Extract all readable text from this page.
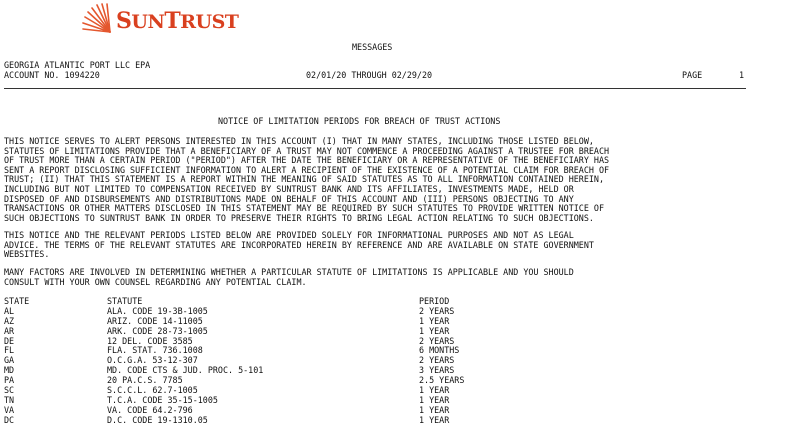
SUNTRUST
MESSAGES
GEORGIA ATLANTIC PORT LLC EPA
ACCOUNT NO. 1094220	02/01/20 THROUGH 02/29/20	PAGE	1
NOTICE OF LIMITATION PERIODS FOR BREACH OF TRUST ACTIONS
THIS NOTICE SERVES TO ALERT PERSONS INTERESTED IN THIS ACCOUNT (I) THAT IN MANY STATES, INCLUDING THOSE LISTED BELOW,
STATUTES OF LIMITATIONS PROVIDE THAT A BENEFICIARY OF A TRUST MAY NOT COMMENCE A PROCEEDING AGAINST A TRUSTEE FOR BREACH
OF TRUST MORE THAN A CERTAIN PERIOD ("PERIOD") AFTER THE DATE THE BENEFICIARY OR A REPRESENTATIVE OF THE BENEFICIARY HAS
SENT A REPORT DISCLOSING SUFFICIENT INFORMATION TO ALERT A RECIPIENT OF THE EXISTENCE OF A POTENTIAL CLAIM FOR BREACH OF
TRUST; (II) THAT THIS STATEMENT IS A REPORT WITHIN THE MEANING OF SAID STATUTES AS TO ALL INFORMATION CONTAINED HEREIN,
INCLUDING BUT NOT LIMITED TO COMPENSATION RECEIVED BY SUNTRUST BANK AND ITS AFFILIATES, INVESTMENTS MADE, HELD OR
DISPOSED OF AND DISBURSEMENTS AND DISTRIBUTIONS MADE ON BEHALF OF THIS ACCOUNT AND (III) PERSONS OBJECTING TO ANY
TRANSACTIONS OR OTHER MATTERS DISCLOSED IN THIS STATEMENT MAY BE REQUIRED BY SUCH STATUTES TO PROVIDE WRITTEN NOTICE OF
SUCH OBJECTIONS TO SUNTRUST BANK IN ORDER TO PRESERVE THEIR RIGHTS TO BRING LEGAL ACTION RELATING TO SUCH OBJECTIONS.
THIS NOTICE AND THE RELEVANT PERIODS LISTED BELOW ARE PROVIDED SOLELY FOR INFORMATIONAL PURPOSES AND NOT AS LEGAL
ADVICE. THE TERMS OF THE RELEVANT STATUTES ARE INCORPORATED HEREIN BY REFERENCE AND ARE AVAILABLE ON STATE GOVERNMENT
WEBSITES.
MANY FACTORS ARE INVOLVED IN DETERMINING WHETHER A PARTICULAR STATUTE OF LIMITATIONS IS APPLICABLE AND YOU SHOULD
CONSULT WITH YOUR OWN COUNSEL REGARDING ANY POTENTIAL CLAIM.
STATE	STATUTE	PERIOD
AL	ALA. CODE 19-3B-1005	2 YEARS
AZ	ARIZ. CODE 14-11005	1 YEAR
AR	ARK. CODE 28-73-1005	1 YEAR
DE	12 DEL. CODE 3585	2 YEARS
FL	FLA. STAT. 736.1008	6 MONTHS
GA	O.C.G.A. 53-12-307	2 YEARS
MD	MD. CODE CTS & JUD. PROC. 5-101	3 YEARS
PA	20 PA.C.S. 7785	2.5 YEARS
SC	S.C.C.L. 62.7-1005	1 YEAR
TN	T.C.A. CODE 35-15-1005	1 YEAR
VA	VA. CODE 64.2-796	1 YEAR
DC	D.C. CODE 19-1310.05	1 YEAR
